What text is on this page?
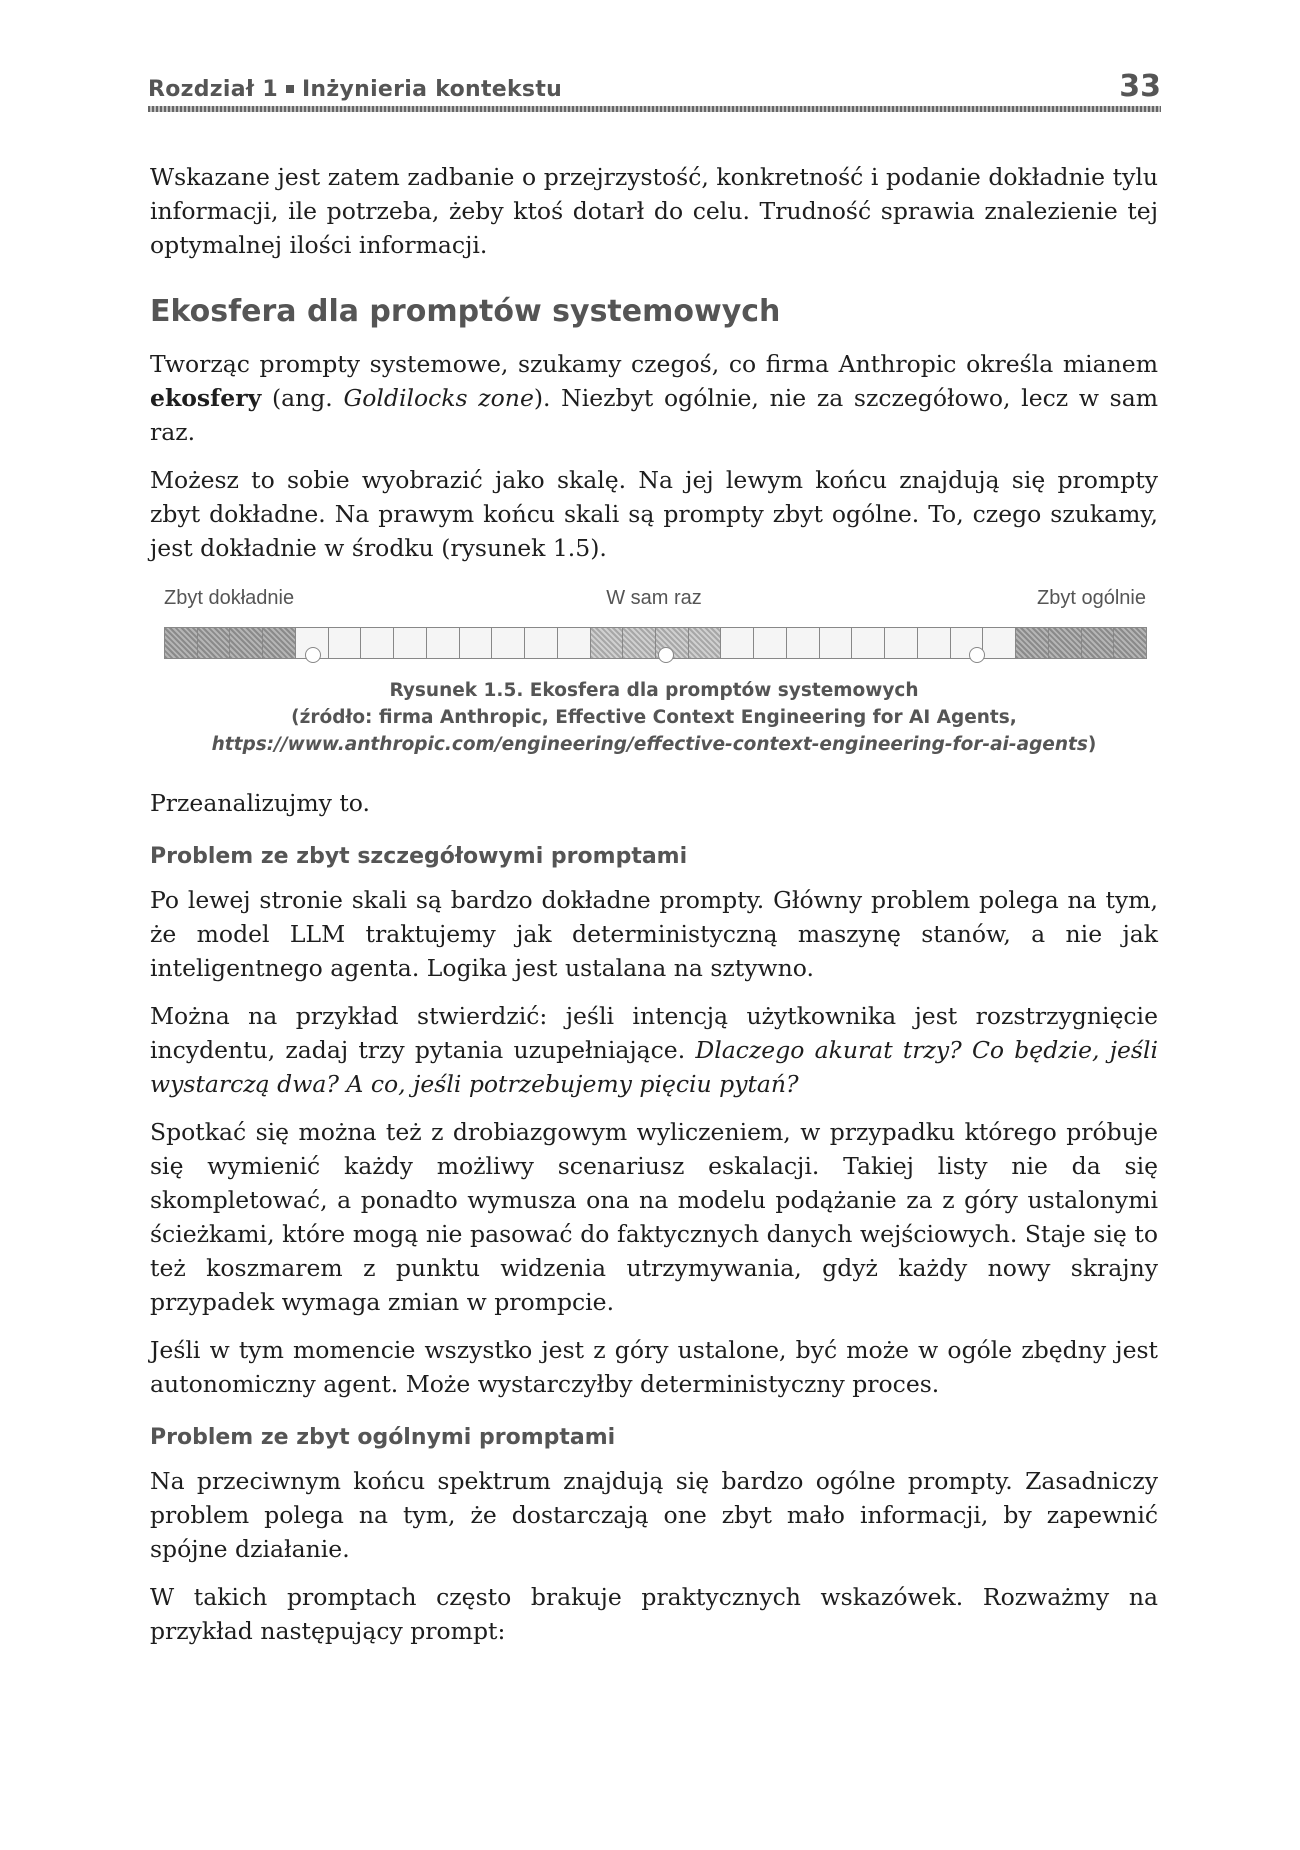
Rozdział 1 Inżynieria kontekstu	33

Wskazane jest zatem zadbanie o przejrzystość, konkretność i podanie dokładnie tylu informacji, ile potrzeba, żeby ktoś dotarł do celu. Trudność sprawia znalezienie tej optymalnej ilości informacji.

Ekosfera dla promptów systemowych

Tworząc prompty systemowe, szukamy czegoś, co firma Anthropic określa mianem ekosfery (ang. Goldilocks zone). Niezbyt ogólnie, nie za szczegółowo, lecz w sam raz.

Możesz to sobie wyobrazić jako skalę. Na jej lewym końcu znajdują się prompty zbyt dokładne. Na prawym końcu skali są prompty zbyt ogólne. To, czego szukamy, jest dokładnie w środku (rysunek 1.5).

Zbyt dokładnie	W sam raz	Zbyt ogólnie
Rysunek 1.5. Ekosfera dla promptów systemowych
(źródło: firma Anthropic, Effective Context Engineering for AI Agents,
https://www.anthropic.com/engineering/effective-context-engineering-for-ai-agents)

Przeanalizujmy to.

Problem ze zbyt szczegółowymi promptami

Po lewej stronie skali są bardzo dokładne prompty. Główny problem polega na tym, że model LLM traktujemy jak deterministyczną maszynę stanów, a nie jak inteligentnego agenta. Logika jest ustalana na sztywno.

Można na przykład stwierdzić: jeśli intencją użytkownika jest rozstrzygnięcie incydentu, zadaj trzy pytania uzupełniające. Dlaczego akurat trzy? Co będzie, jeśli wystarczą dwa? A co, jeśli potrzebujemy pięciu pytań?

Spotkać się można też z drobiazgowym wyliczeniem, w przypadku którego próbuje się wymienić każdy możliwy scenariusz eskalacji. Takiej listy nie da się skompletować, a ponadto wymusza ona na modelu podążanie za z góry ustalonymi ścieżkami, które mogą nie pasować do faktycznych danych wejściowych. Staje się to też koszmarem z punktu widzenia utrzymywania, gdyż każdy nowy skrajny przypadek wymaga zmian w prompcie.

Jeśli w tym momencie wszystko jest z góry ustalone, być może w ogóle zbędny jest autonomiczny agent. Może wystarczyłby deterministyczny proces.

Problem ze zbyt ogólnymi promptami

Na przeciwnym końcu spektrum znajdują się bardzo ogólne prompty. Zasadniczy problem polega na tym, że dostarczają one zbyt mało informacji, by zapewnić spójne działanie.

W takich promptach często brakuje praktycznych wskazówek. Rozważmy na przykład następujący prompt:
